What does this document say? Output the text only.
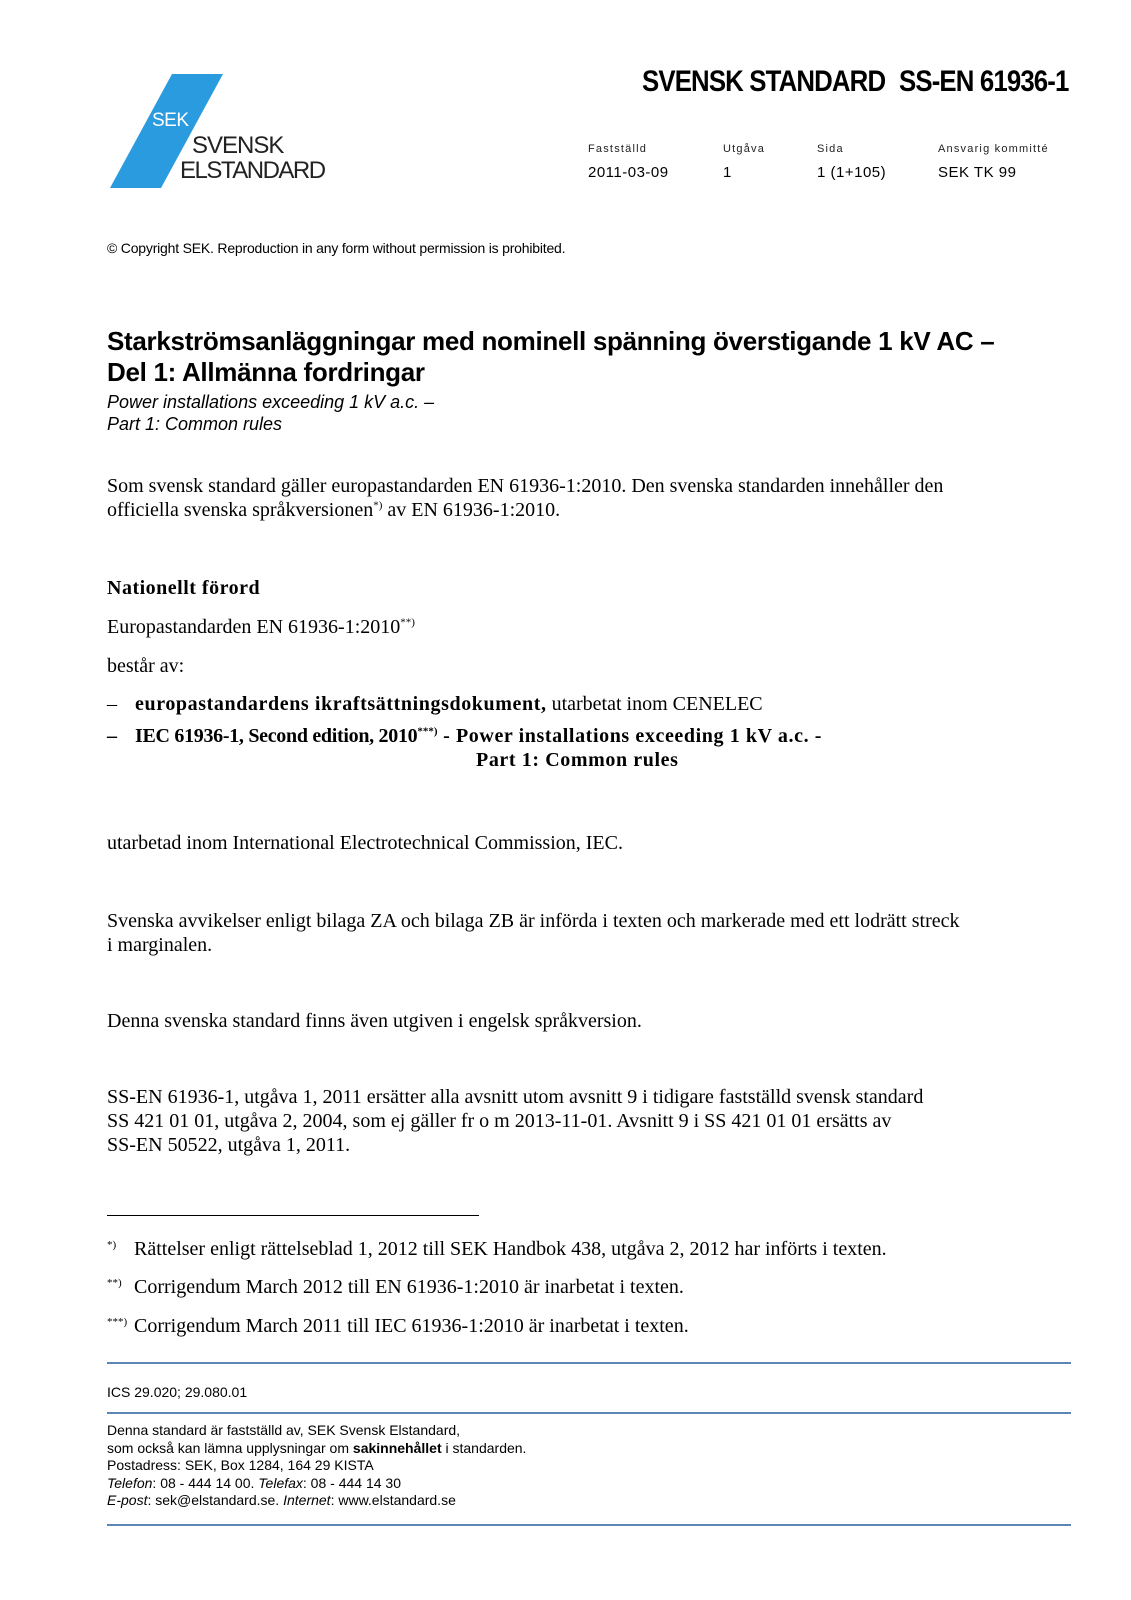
SEK
SVENSK
ELSTANDARD
SVENSK STANDARD SS-EN 61936-1
Fastställd	Utgåva	Sida	Ansvarig kommitté
2011-03-09	1	1 (1+105)	SEK TK 99
© Copyright SEK. Reproduction in any form without permission is prohibited.
Starkströmsanläggningar med nominell spänning överstigande 1 kV AC –
Del 1: Allmänna fordringar
Power installations exceeding 1 kV a.c. –
Part 1: Common rules
Som svensk standard gäller europastandarden EN 61936-1:2010. Den svenska standarden innehåller den
officiella svenska språkversionen*) av EN 61936-1:2010.
Nationellt förord
Europastandarden EN 61936-1:2010**)
består av:
– europastandardens ikraftsättningsdokument, utarbetat inom CENELEC
– IEC 61936-1, Second edition, 2010***) - Power installations exceeding 1 kV a.c. -
Part 1: Common rules
utarbetad inom International Electrotechnical Commission, IEC.
Svenska avvikelser enligt bilaga ZA och bilaga ZB är införda i texten och markerade med ett lodrätt streck
i marginalen.
Denna svenska standard finns även utgiven i engelsk språkversion.
SS-EN 61936-1, utgåva 1, 2011 ersätter alla avsnitt utom avsnitt 9 i tidigare fastställd svensk standard
SS 421 01 01, utgåva 2, 2004, som ej gäller fr o m 2013-11-01. Avsnitt 9 i SS 421 01 01 ersätts av
SS-EN 50522, utgåva 1, 2011.
*) Rättelser enligt rättelseblad 1, 2012 till SEK Handbok 438, utgåva 2, 2012 har införts i texten.
**) Corrigendum March 2012 till EN 61936-1:2010 är inarbetat i texten.
***) Corrigendum March 2011 till IEC 61936-1:2010 är inarbetat i texten.
ICS 29.020; 29.080.01
Denna standard är fastställd av, SEK Svensk Elstandard,
som också kan lämna upplysningar om sakinnehållet i standarden.
Postadress: SEK, Box 1284, 164 29 KISTA
Telefon: 08 - 444 14 00. Telefax: 08 - 444 14 30
E-post: sek@elstandard.se. Internet: www.elstandard.se
